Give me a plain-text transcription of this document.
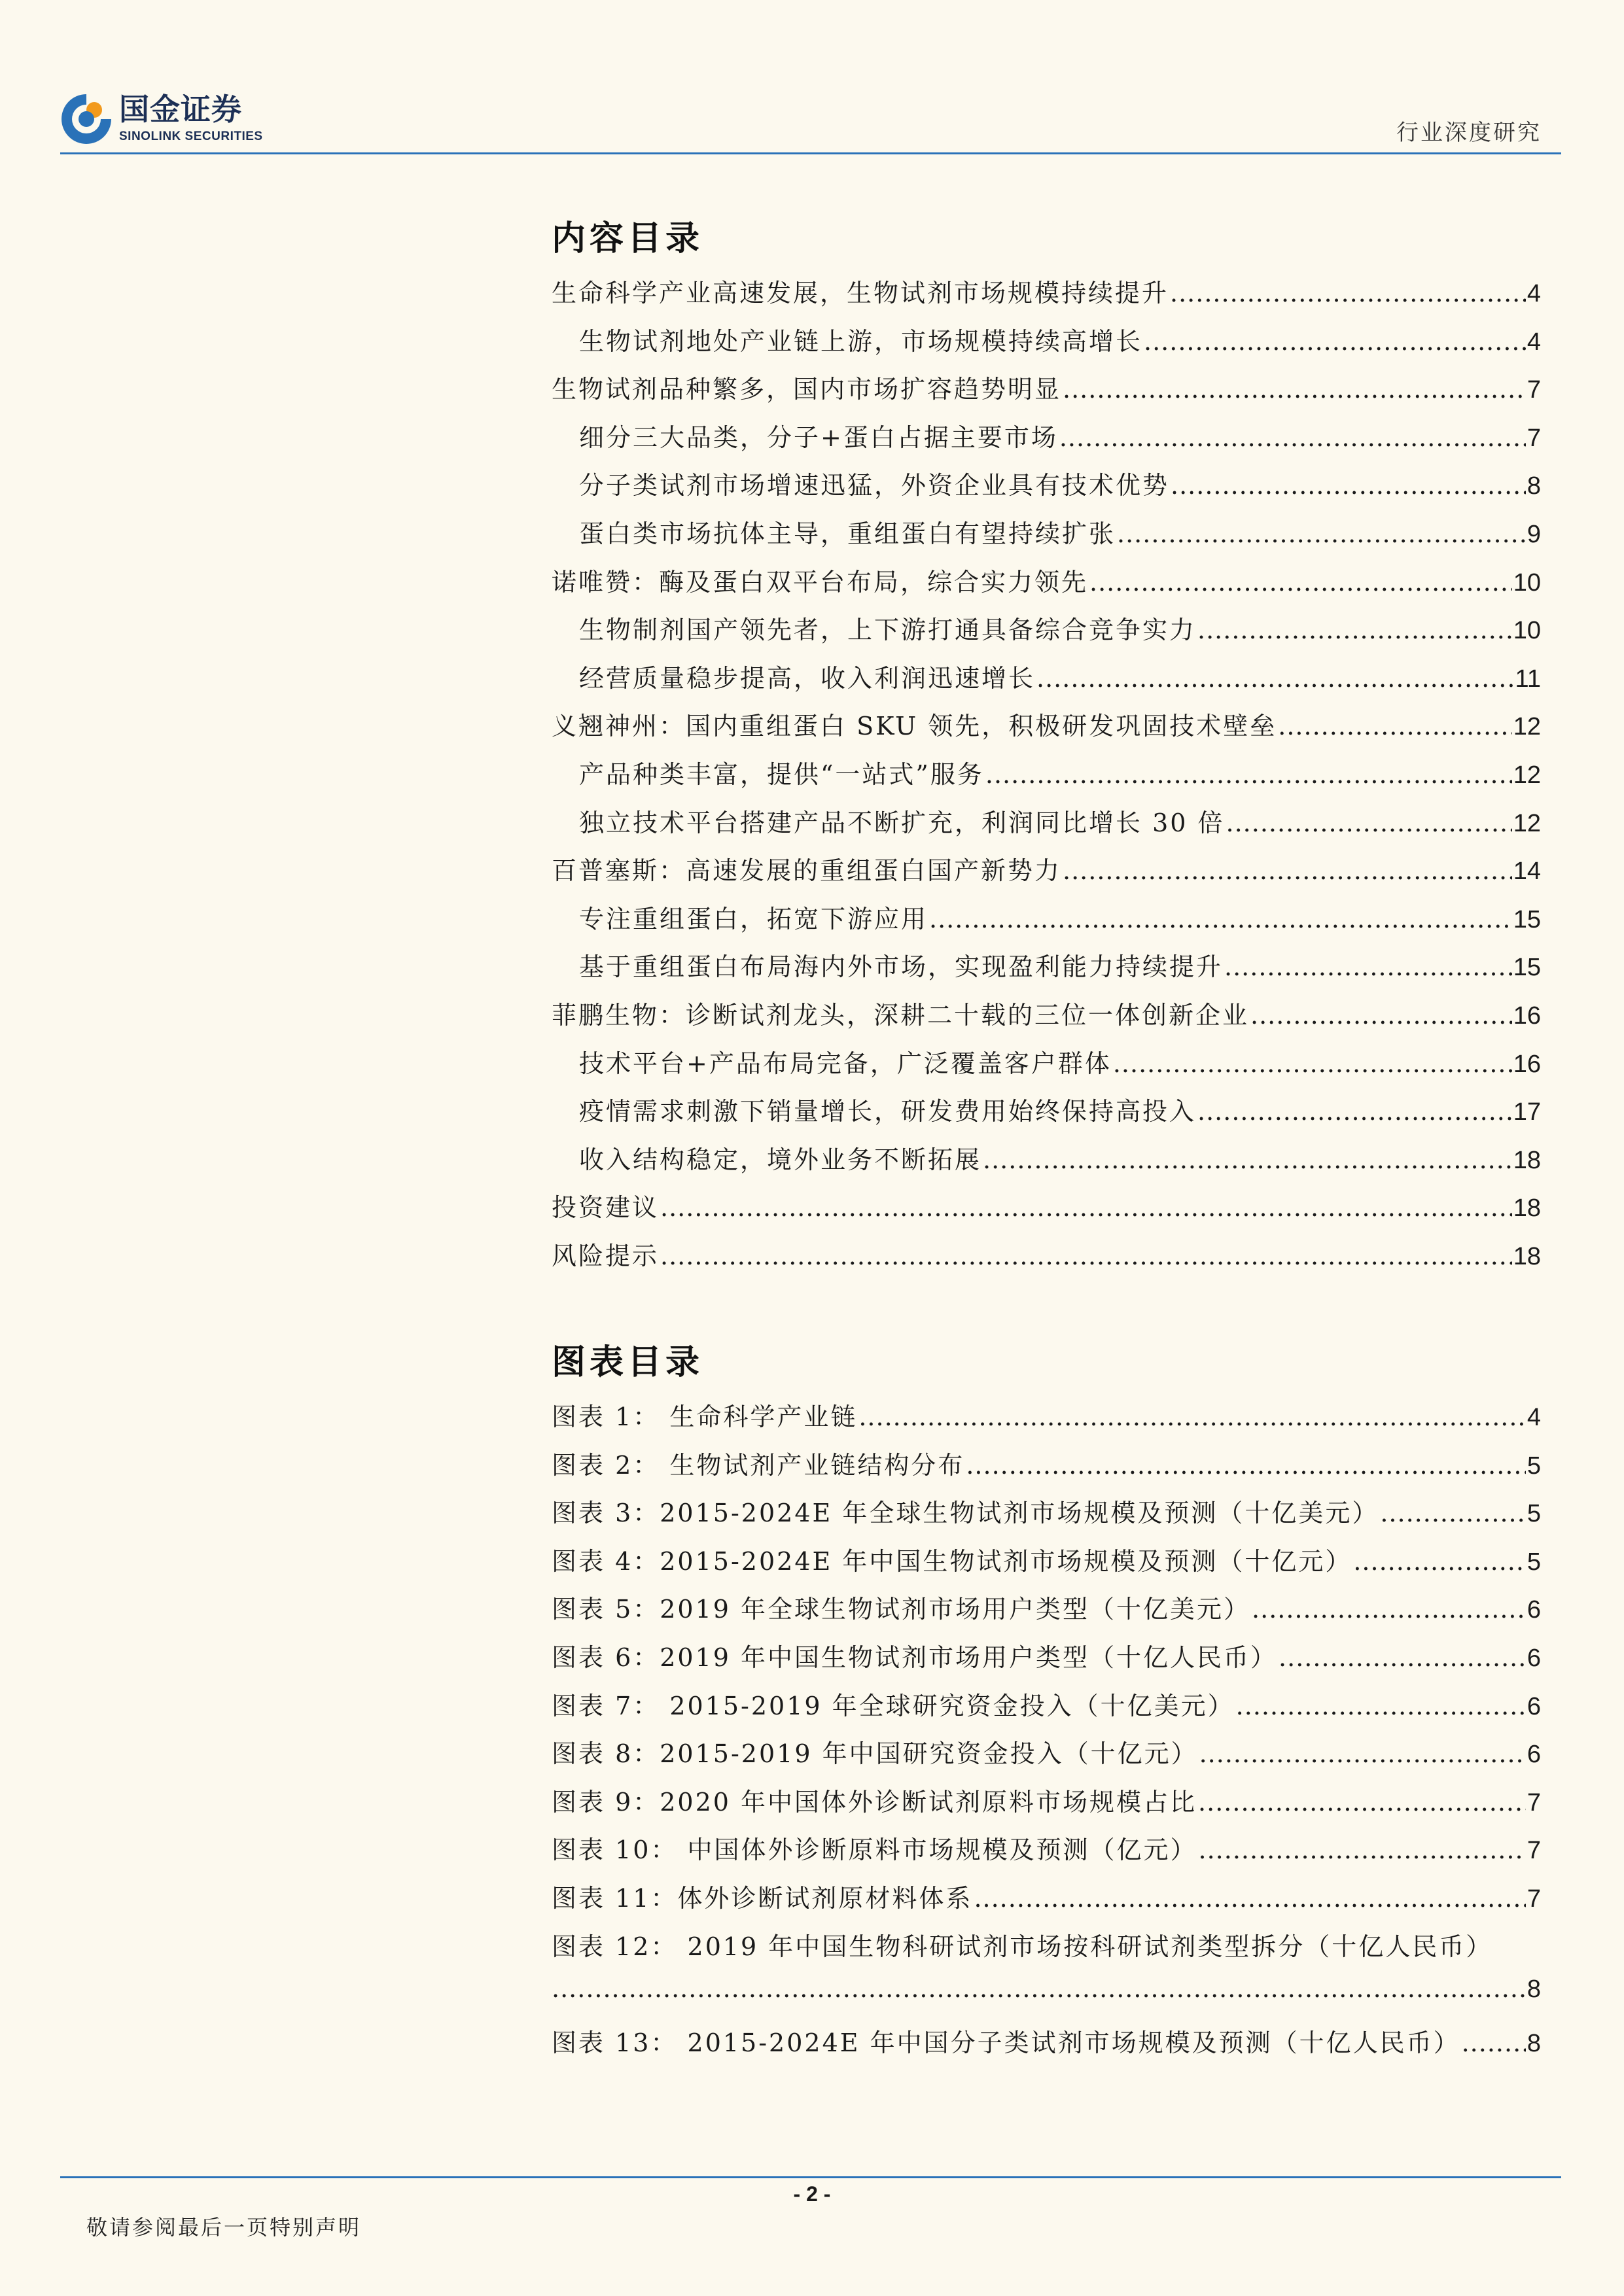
国金证券
SINOLINK SECURITIES	行业深度研究
内容目录
生命科学产业高速发展，生物试剂市场规模持续提升 .....	4
生物试剂地处产业链上游，市场规模持续高增长 .....	4
生物试剂品种繁多，国内市场扩容趋势明显 .....	7
细分三大品类，分子+蛋白占据主要市场 .....	7
分子类试剂市场增速迅猛，外资企业具有技术优势 .....	8
蛋白类市场抗体主导，重组蛋白有望持续扩张 .....	9
诺唯赞：酶及蛋白双平台布局，综合实力领先 .....	10
生物制剂国产领先者，上下游打通具备综合竞争实力 .....	10
经营质量稳步提高，收入利润迅速增长 .....	11
义翘神州：国内重组蛋白 SKU 领先，积极研发巩固技术壁垒 .....	12
产品种类丰富，提供“一站式”服务 .....	12
独立技术平台搭建产品不断扩充，利润同比增长 30 倍 .....	12
百普塞斯：高速发展的重组蛋白国产新势力 .....	14
专注重组蛋白，拓宽下游应用 .....	15
基于重组蛋白布局海内外市场，实现盈利能力持续提升 .....	15
菲鹏生物：诊断试剂龙头，深耕二十载的三位一体创新企业 .....	16
技术平台+产品布局完备，广泛覆盖客户群体 .....	16
疫情需求刺激下销量增长，研发费用始终保持高投入 .....	17
收入结构稳定，境外业务不断拓展 .....	18
投资建议 .....	18
风险提示 .....	18
图表目录
图表 1： 生命科学产业链 .....	4
图表 2： 生物试剂产业链结构分布 .....	5
图表 3：2015-2024E 年全球生物试剂市场规模及预测（十亿美元） .....	5
图表 4：2015-2024E 年中国生物试剂市场规模及预测（十亿元） .....	5
图表 5：2019 年全球生物试剂市场用户类型（十亿美元） .....	6
图表 6：2019 年中国生物试剂市场用户类型（十亿人民币） .....	6
图表 7： 2015-2019 年全球研究资金投入（十亿美元） .....	6
图表 8：2015-2019 年中国研究资金投入（十亿元） .....	6
图表 9：2020 年中国体外诊断试剂原料市场规模占比 .....	7
图表 10： 中国体外诊断原料市场规模及预测（亿元） .....	7
图表 11：体外诊断试剂原材料体系 .....	7
图表 12： 2019 年中国生物科研试剂市场按科研试剂类型拆分（十亿人民币）
.....
8
图表 13： 2015-2024E 年中国分子类试剂市场规模及预测（十亿人民币） .....	8
- 2 -
敬请参阅最后一页特别声明
